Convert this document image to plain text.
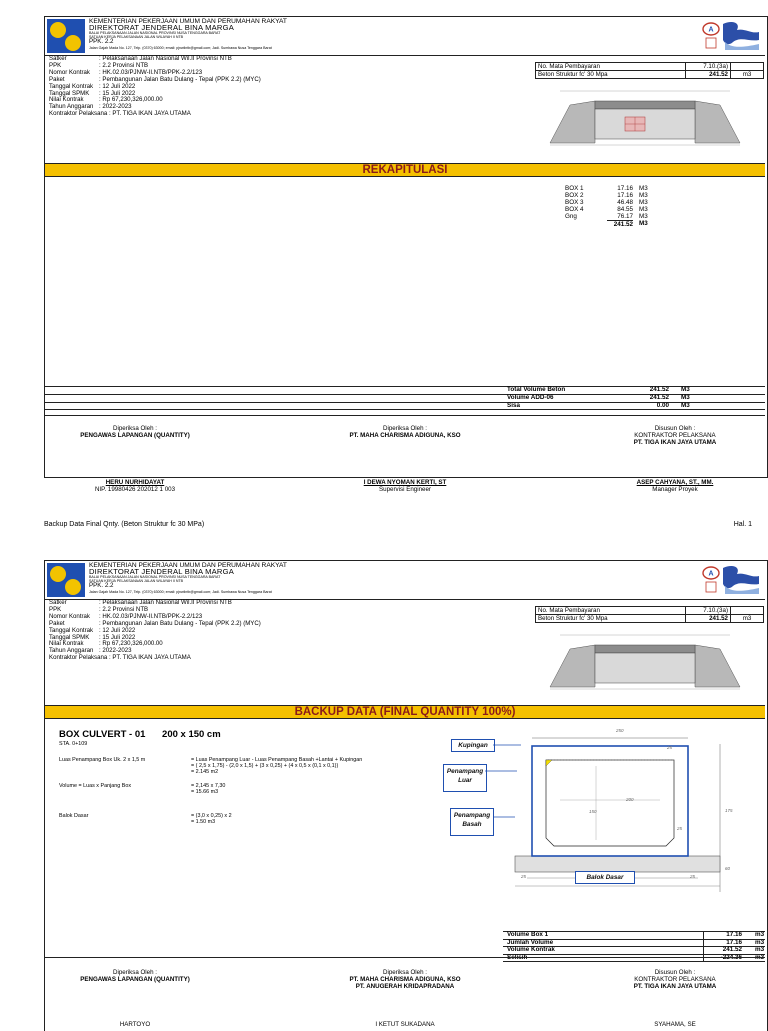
KEMENTERIAN PEKERJAAN UMUM DAN PERUMAHAN RAKYAT
DIREKTORAT JENDERAL BINA MARGA
BALAI PELAKSANAAN JALAN NASIONAL PROVINSI NUSA TENGGARA BARAT
SATUAN KERJA PELAKSANAAN JALAN WILAYAH II NTB
PPK. 2.2
Jalan Gajah Mada No. 127, Telp. (0370) 63000; email: pjnwilntb@gmail.com; Jadi. Sumbawa Nusa Tenggara Barat
A
Satker	: Pelaksanaan Jalan Nasional Wil.II Provinsi NTB
PPK	: 2.2 Provinsi NTB
Nomor Kontrak	: HK.02.03/PJNW-II.NTB/PPK-2.2/123
Paket	: Pembangunan Jalan Batu Dulang - Tepal (PPK 2.2) (MYC)
Tanggal Kontrak : 12 Juli 2022
Tanggal SPMK	: 15 Juli 2022
Nilai Kontrak	: Rp 67,230,326,000.00
Tahun Anggaran : 2022-2023
Kontraktor Pelaksana : PT. TIGA IKAN JAYA UTAMA
No. Mata Pembayaran	7.10.(3a)	
Beton Struktur fc' 30 Mpa	241.52	m3
REKAPITULASI
BOX 1	17.16 M3
BOX 2	17.16 M3
BOX 3	46.48 M3
BOX 4	84.55 M3
Gng	76.17 M3
241.52 M3
Total Volume Beton	241.52 M3
Volume ADD-06	241.52 M3
Sisa	0.00 M3
Diperiksa Oleh :
PENGAWAS LAPANGAN (QUANTITY)
Diperiksa Oleh :
PT. MAHA CHARISMA ADIGUNA, KSO
Disusun Oleh :
KONTRAKTOR PELAKSANA
PT. TIGA IKAN JAYA UTAMA
HERU NURHIDAYAT
NIP. 19980426 202012 1 003
I DEWA NYOMAN KERTI, ST
Supervisi Engineer
ASEP CAHYANA, ST., MM.
Manager Proyek
Backup Data Final Qnty. (Beton Struktur fc 30 MPa)	Hal. 1
KEMENTERIAN PEKERJAAN UMUM DAN PERUMAHAN RAKYAT
DIREKTORAT JENDERAL BINA MARGA
BALAI PELAKSANAAN JALAN NASIONAL PROVINSI NUSA TENGGARA BARAT
SATUAN KERJA PELAKSANAAN JALAN WILAYAH II NTB
PPK. 2.2
Jalan Gajah Mada No. 127, Telp. (0370) 63000; email: pjnwilntb@gmail.com; Jadi. Sumbawa Nusa Tenggara Barat
A
Satker	: Pelaksanaan Jalan Nasional Wil.II Provinsi NTB
PPK	: 2.2 Provinsi NTB
Nomor Kontrak	: HK.02.03/PJNW-II.NTB/PPK-2.2/123
Paket	: Pembangunan Jalan Batu Dulang - Tepal (PPK 2.2) (MYC)
Tanggal Kontrak : 12 Juli 2022
Tanggal SPMK	: 15 Juli 2022
Nilai Kontrak	: Rp 67,230,326,000.00
Tahun Anggaran : 2022-2023
Kontraktor Pelaksana : PT. TIGA IKAN JAYA UTAMA
No. Mata Pembayaran	7.10.(3a)	
Beton Struktur fc' 30 Mpa	241.52	m3
BACKUP DATA (FINAL QUANTITY 100%)
BOX CULVERT - 01 200 x 150 cm
STA. 0+109
Luas Penampang Box Uk. 2 x 1,5 m	= Luas Penampang Luar - Luas Penampang Basah +Lantai + Kupingan
= ( 2,5 x 1,75) - (2,0 x 1,5) + (3 x 0,25) + (4 x 0,5 x (0,1 x 0,1))
= 2.145 m2
Volume = Luas x Panjang Box	= 2,145 x 7,30
= 15.66 m3
Balok Dasar	= (3,0 x 0,25) x 2
= 1.50 m3
250
200
150	175
60
25	25
25
25
Kupingan
Penampang Luar
Penampang Basah
Balok Dasar
Volume Box 1	17.16 m3
Jumlah Volume	17.16 m3
Volume Kontrak	241.52 m3
Selisih	-224.36 m3
Diperiksa Oleh :
PENGAWAS LAPANGAN (QUANTITY)
Diperiksa Oleh :
PT. MAHA CHARISMA ADIGUNA, KSO
PT. ANUGERAH KRIDAPRADANA
Disusun Oleh :
KONTRAKTOR PELAKSANA
PT. TIGA IKAN JAYA UTAMA
HARTOYO	I KETUT SUKADANA	SYAHAMA, SE
